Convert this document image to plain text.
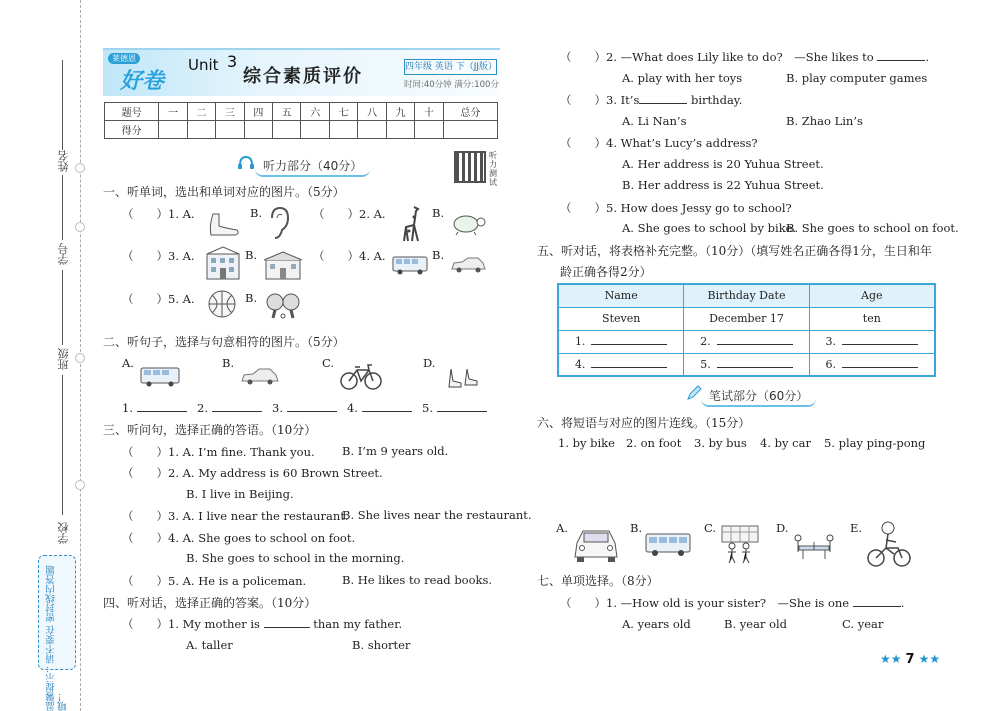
姓名
学号
班级
学校
温馨提示：请不要在 密封线内答题哦！
莱德恩
好卷
Unit 3
综合素质评价	四年级 英语 下（JJ版）
时间:40分钟 满分:100分
题号	一	二	三	四	五	六	七	八	九	十	总分
得分											
听力部分（40分）
听力测试
一、听单词，选出和单词对应的图片。（5分）
（　　）1. A.	B.	（　　）2. A.	B.
（　　）3. A.	B.	（　　）4. A.	B.
（　　）5. A.	B.
二、听句子，选择与句意相符的图片。（5分）
A.	B.	C.	D.
1.	2.	3.	4.	5.
三、听问句，选择正确的答语。（10分）
（　　）1. A. I’m fine. Thank you. B. I’m 9 years old.
（　　）2. A. My address is 60 Brown Street.
B. I live in Beijing.
（　　）3. A. I live near the restaurant.
B. She lives near the restaurant.
（　　）4. A. She goes to school on foot.
B. She goes to school in the morning.
（　　）5. A. He is a policeman.	B. He likes to read books.
四、听对话，选择正确的答案。（10分）
（　　）1. My mother is	than my father.
A. taller	B. shorter
（　　）2. —What does Lily like to do?　—She likes to	.
A. play with her toys	B. play computer games
（　　）3. It’s	birthday.
A. Li Nan’s	B. Zhao Lin’s
（　　）4. What’s Lucy’s address?
A. Her address is 20 Yuhua Street.
B. Her address is 22 Yuhua Street.
（　　）5. How does Jessy go to school?
A. She goes to school by bike.
B. She goes to school on foot.
五、听对话，将表格补充完整。（10分）（填写姓名正确各得1分，生日和年
龄正确各得2分）
Name	Birthday Date	Age
Steven	December 17	ten
1.	2.	3.
4.	5.	6.
笔试部分（60分）
六、将短语与对应的图片连线。（15分）
1. by bike 2. on foot 3. by bus 4. by car 5. play ping-pong
A.	B.	C.	D.	E.
七、单项选择。（8分）
（　　）1. —How old is your sister?　—She is one	.
A. years old	B. year old	C. year
★★ 7 ★★
